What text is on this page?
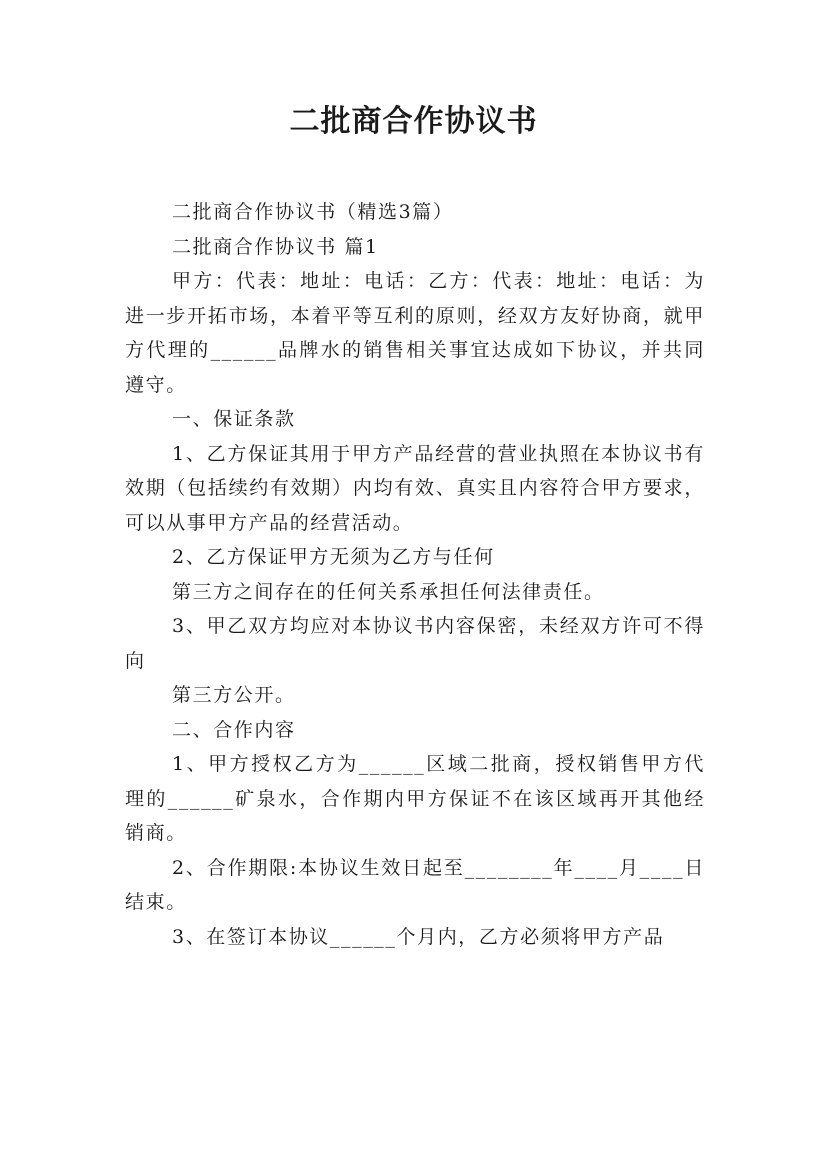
二批商合作协议书

二批商合作协议书（精选3篇）

二批商合作协议书 篇1

甲方：代表：地址：电话：乙方：代表：地址：电话：为进一步开拓市场，本着平等互利的原则，经双方友好协商，就甲方代理的______品牌水的销售相关事宜达成如下协议，并共同遵守。

一、保证条款

1、乙方保证其用于甲方产品经营的营业执照在本协议书有效期（包括续约有效期）内均有效、真实且内容符合甲方要求，可以从事甲方产品的经营活动。

2、乙方保证甲方无须为乙方与任何

第三方之间存在的任何关系承担任何法律责任。

3、甲乙双方均应对本协议书内容保密，未经双方许可不得向

第三方公开。

二、合作内容

1、甲方授权乙方为______区域二批商，授权销售甲方代理的______矿泉水，合作期内甲方保证不在该区域再开其他经销商。

2、合作期限:本协议生效日起至________年____月____日结束。

3、在签订本协议______个月内，乙方必须将甲方产品
